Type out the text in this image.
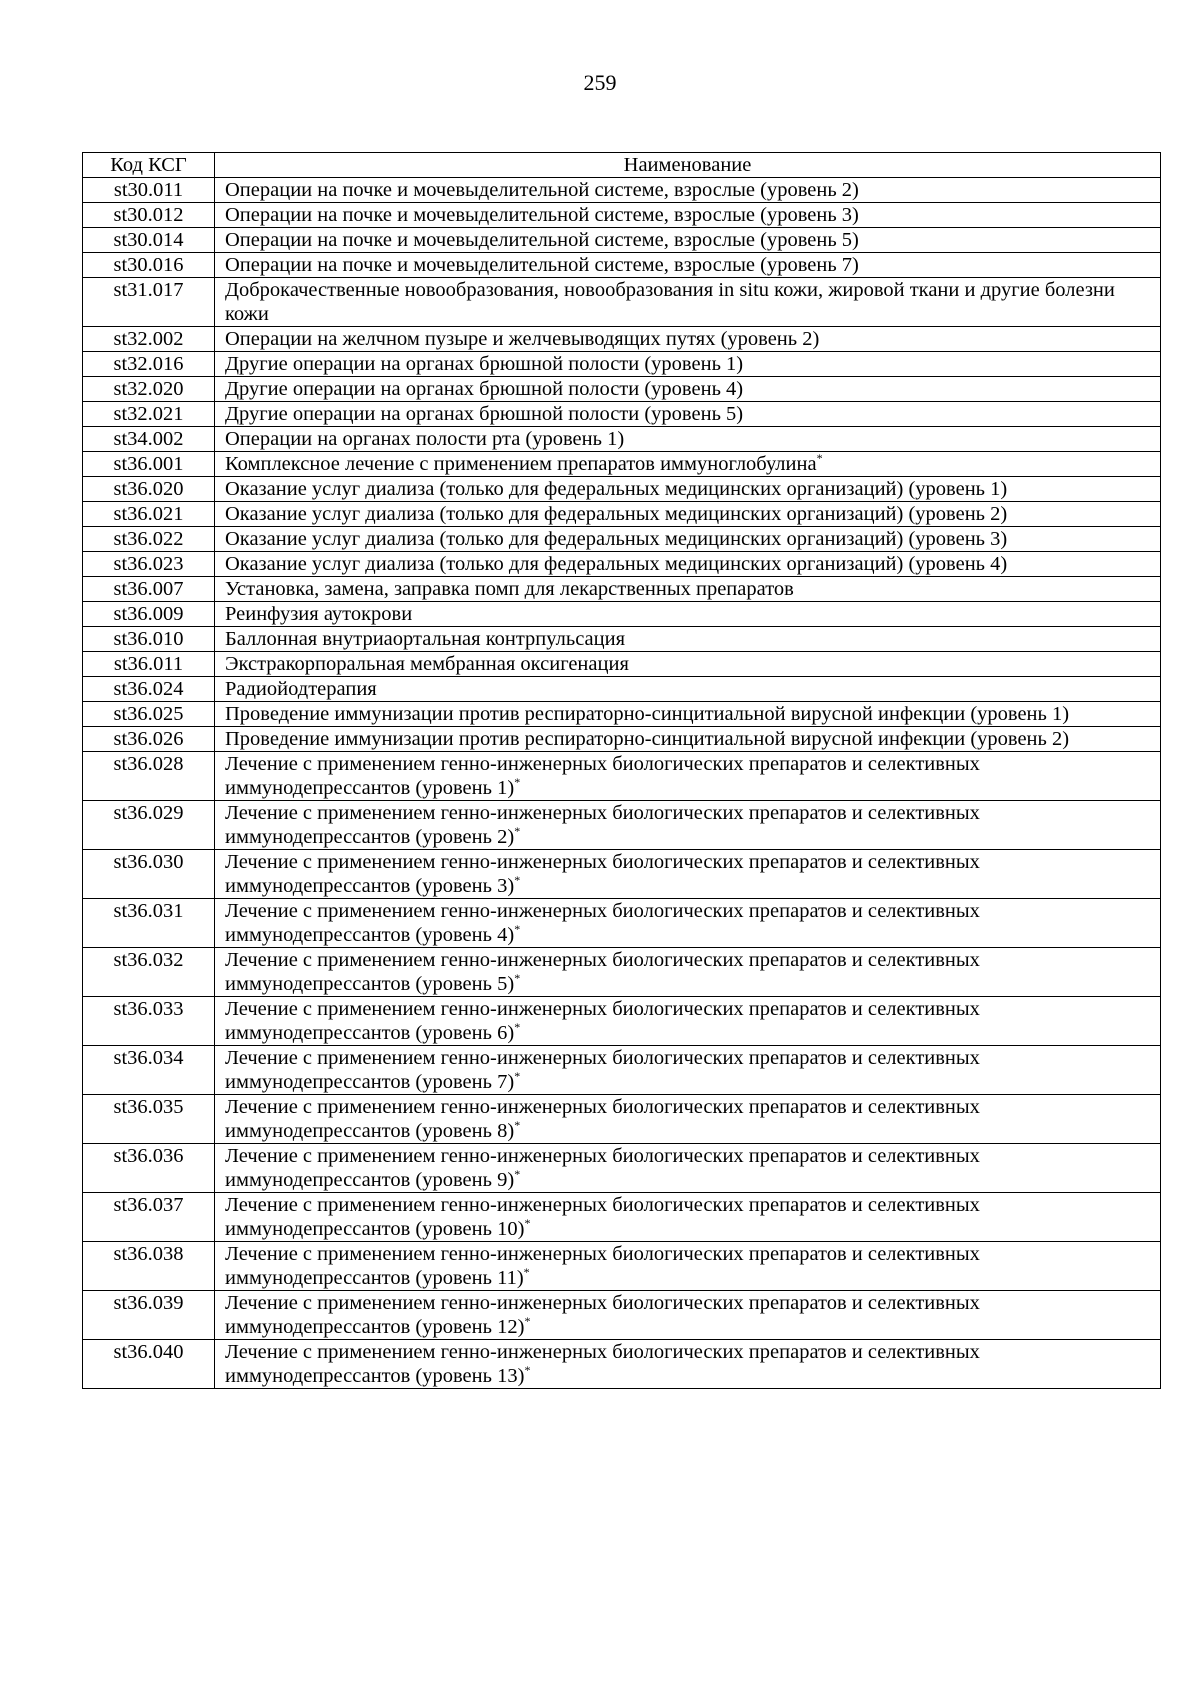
259
Код КСГ	Наименование
st30.011	Операции на почке и мочевыделительной системе, взрослые (уровень 2)
st30.012	Операции на почке и мочевыделительной системе, взрослые (уровень 3)
st30.014	Операции на почке и мочевыделительной системе, взрослые (уровень 5)
st30.016	Операции на почке и мочевыделительной системе, взрослые (уровень 7)
st31.017	Доброкачественные новообразования, новообразования in situ кожи, жировой ткани и другие болезни кожи
st32.002	Операции на желчном пузыре и желчевыводящих путях (уровень 2)
st32.016	Другие операции на органах брюшной полости (уровень 1)
st32.020	Другие операции на органах брюшной полости (уровень 4)
st32.021	Другие операции на органах брюшной полости (уровень 5)
st34.002	Операции на органах полости рта (уровень 1)
st36.001	Комплексное лечение с применением препаратов иммуноглобулина*
st36.020	Оказание услуг диализа (только для федеральных медицинских организаций) (уровень 1)
st36.021	Оказание услуг диализа (только для федеральных медицинских организаций) (уровень 2)
st36.022	Оказание услуг диализа (только для федеральных медицинских организаций) (уровень 3)
st36.023	Оказание услуг диализа (только для федеральных медицинских организаций) (уровень 4)
st36.007	Установка, замена, заправка помп для лекарственных препаратов
st36.009	Реинфузия аутокрови
st36.010	Баллонная внутриаортальная контрпульсация
st36.011	Экстракорпоральная мембранная оксигенация
st36.024	Радиойодтерапия
st36.025	Проведение иммунизации против респираторно-синцитиальной вирусной инфекции (уровень 1)
st36.026	Проведение иммунизации против респираторно-синцитиальной вирусной инфекции (уровень 2)
st36.028	Лечение с применением генно-инженерных биологических препаратов и селективных иммунодепрессантов (уровень 1)*
st36.029	Лечение с применением генно-инженерных биологических препаратов и селективных иммунодепрессантов (уровень 2)*
st36.030	Лечение с применением генно-инженерных биологических препаратов и селективных иммунодепрессантов (уровень 3)*
st36.031	Лечение с применением генно-инженерных биологических препаратов и селективных иммунодепрессантов (уровень 4)*
st36.032	Лечение с применением генно-инженерных биологических препаратов и селективных иммунодепрессантов (уровень 5)*
st36.033	Лечение с применением генно-инженерных биологических препаратов и селективных иммунодепрессантов (уровень 6)*
st36.034	Лечение с применением генно-инженерных биологических препаратов и селективных иммунодепрессантов (уровень 7)*
st36.035	Лечение с применением генно-инженерных биологических препаратов и селективных иммунодепрессантов (уровень 8)*
st36.036	Лечение с применением генно-инженерных биологических препаратов и селективных иммунодепрессантов (уровень 9)*
st36.037	Лечение с применением генно-инженерных биологических препаратов и селективных иммунодепрессантов (уровень 10)*
st36.038	Лечение с применением генно-инженерных биологических препаратов и селективных иммунодепрессантов (уровень 11)*
st36.039	Лечение с применением генно-инженерных биологических препаратов и селективных иммунодепрессантов (уровень 12)*
st36.040	Лечение с применением генно-инженерных биологических препаратов и селективных иммунодепрессантов (уровень 13)*
